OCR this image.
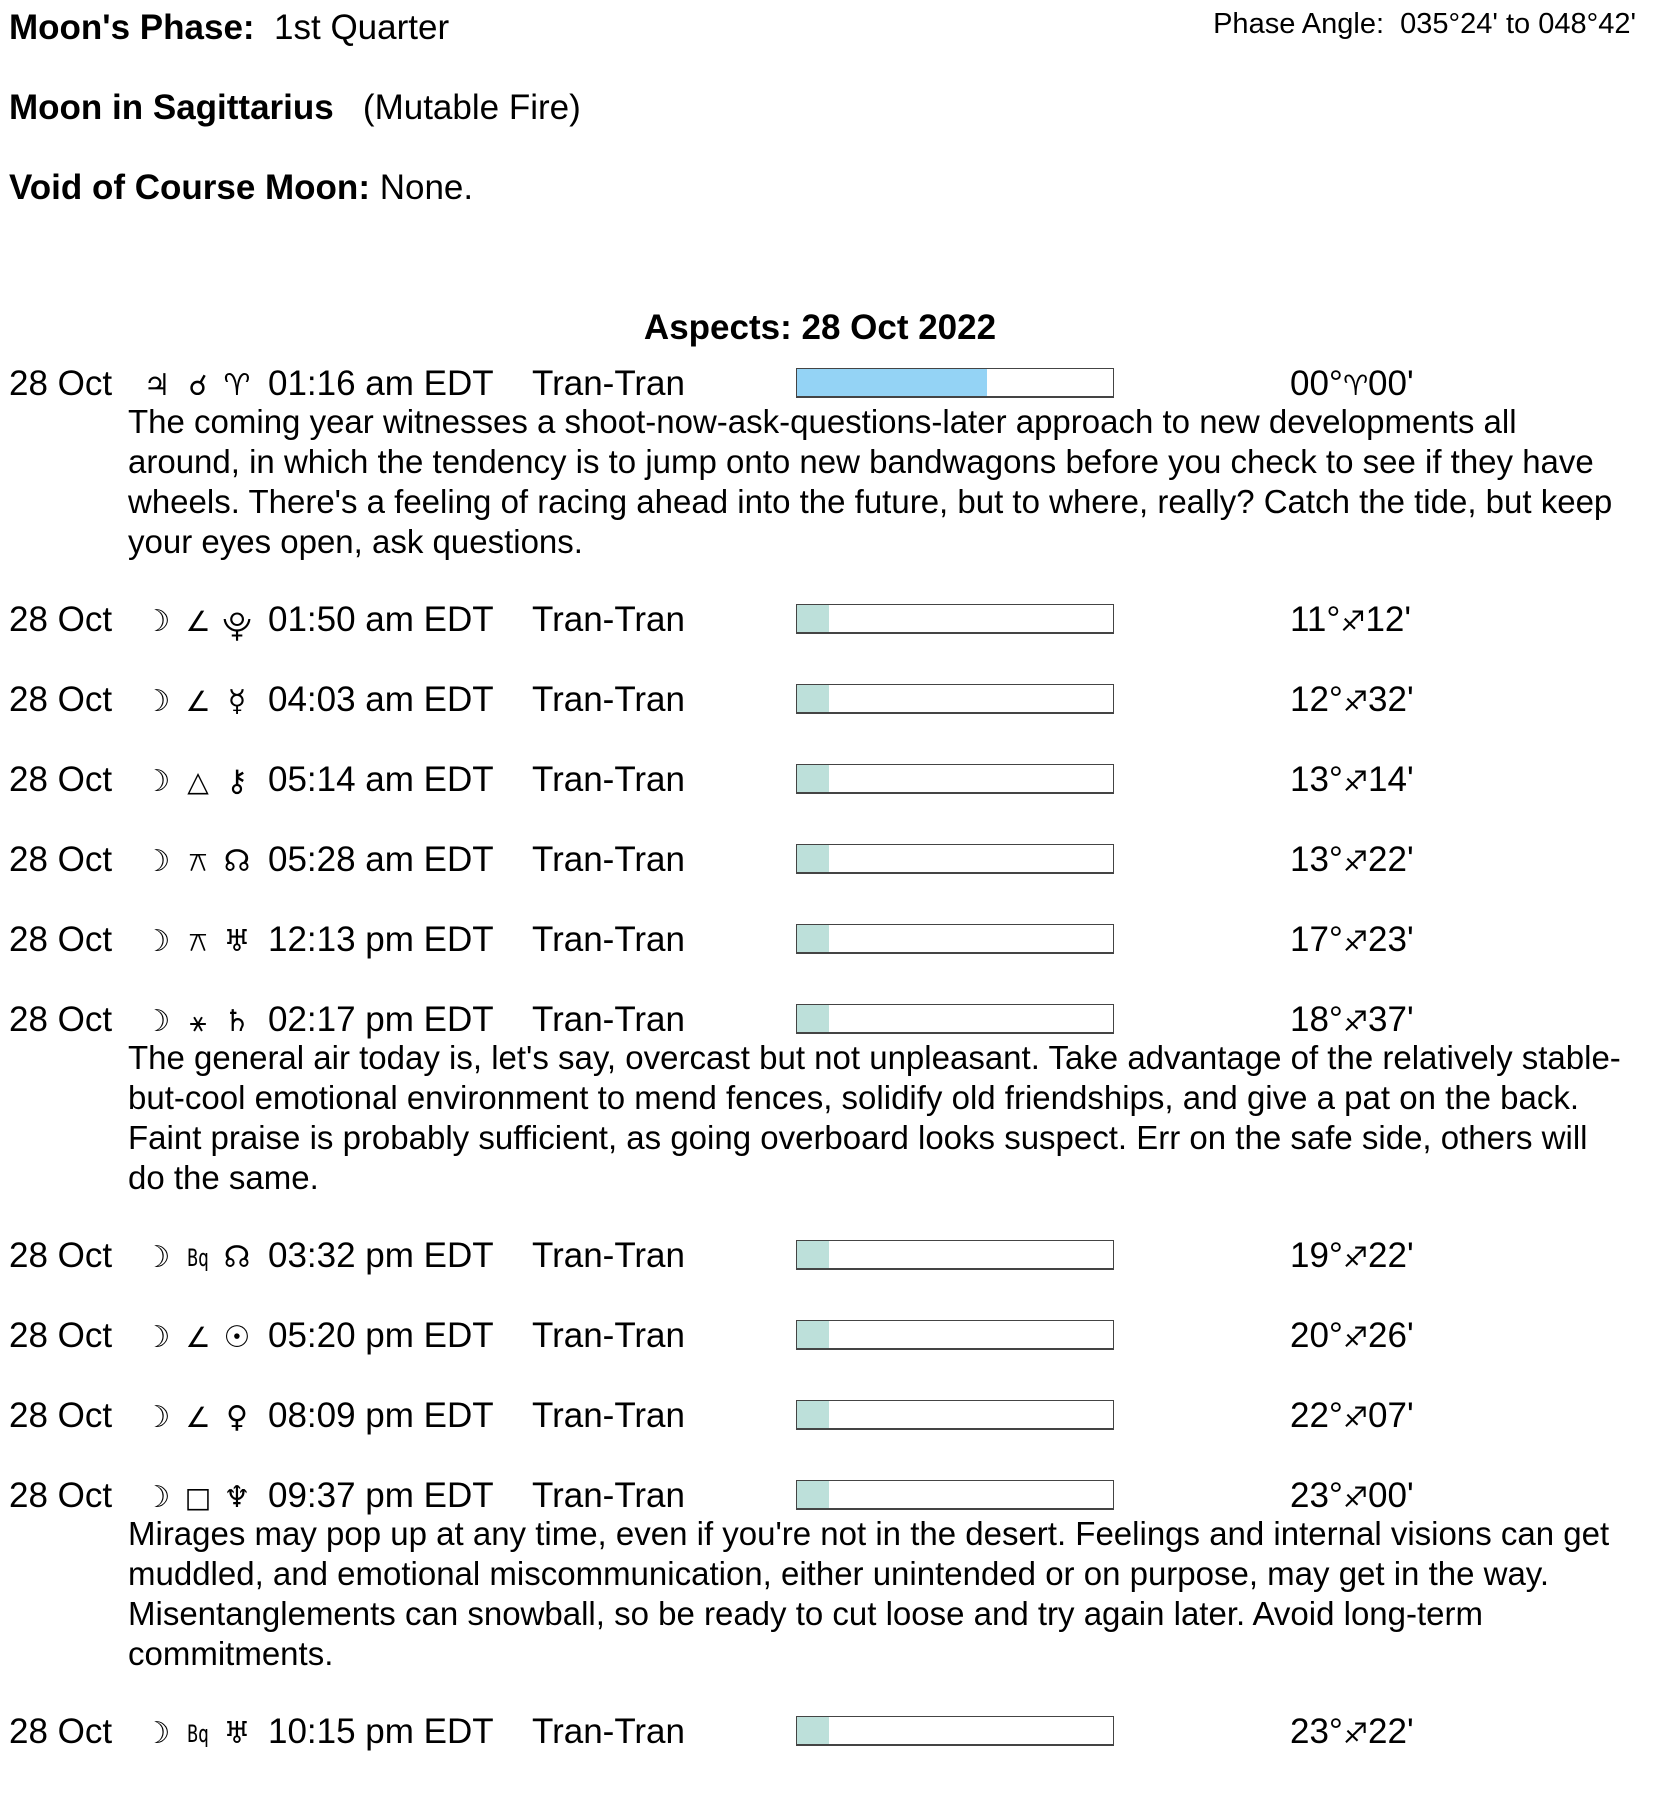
Moon's Phase: 1st Quarter	Phase Angle: 035°24' to 048°42'
Moon in Sagittarius (Mutable Fire)
Void of Course Moon: None.
Aspects: 28 Oct 2022
28 Oct ♃ ☌ ♈ 01:16 am EDT Tran-Tran	00°♈00'
The coming year witnesses a shoot-now-ask-questions-later approach to new developments all around, in which the tendency is to jump onto new bandwagons before you check to see if they have wheels. There's a feeling of racing ahead into the future, but to where, really? Catch the tide, but keep your eyes open, ask questions.
28 Oct ☽ ∠ ⯓ 01:50 am EDT Tran-Tran	11°♐12'
28 Oct ☽ ∠ ☿ 04:03 am EDT Tran-Tran	12°♐32'
28 Oct ☽ △ ⚷ 05:14 am EDT Tran-Tran	13°♐14'
28 Oct ☽ ⚻ ☊ 05:28 am EDT Tran-Tran	13°♐22'
28 Oct ☽ ⚻ ♅ 12:13 pm EDT Tran-Tran	17°♐23'
28 Oct ☽ ⚹ ♄ 02:17 pm EDT Tran-Tran	18°♐37'
The general air today is, let's say, overcast but not unpleasant. Take advantage of the relatively stable-but-cool emotional environment to mend fences, solidify old friendships, and give a pat on the back. Faint praise is probably sufficient, as going overboard looks suspect. Err on the safe side, others will do the same.
28 Oct ☽ Bq ☊ 03:32 pm EDT Tran-Tran	19°♐22'
28 Oct ☽ ∠ ☉ 05:20 pm EDT Tran-Tran	20°♐26'
28 Oct ☽ ∠ ♀ 08:09 pm EDT Tran-Tran	22°♐07'
28 Oct ☽ □ ♆ 09:37 pm EDT Tran-Tran	23°♐00'
Mirages may pop up at any time, even if you're not in the desert. Feelings and internal visions can get muddled, and emotional miscommunication, either unintended or on purpose, may get in the way. Misentanglements can snowball, so be ready to cut loose and try again later. Avoid long-term commitments.
28 Oct ☽ Bq ♅ 10:15 pm EDT Tran-Tran	23°♐22'
